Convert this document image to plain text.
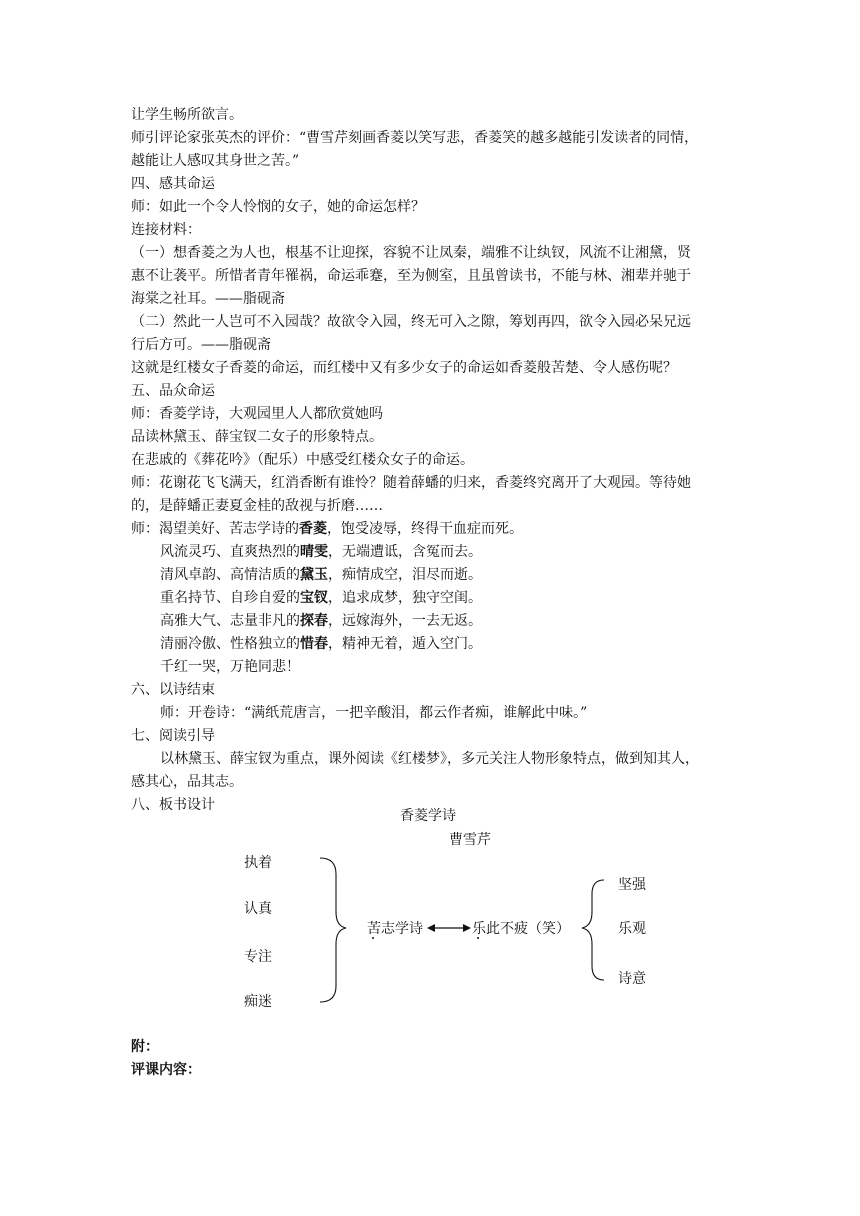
让学生畅所欲言。
师引评论家张英杰的评价：“曹雪芹刻画香菱以笑写悲，香菱笑的越多越能引发读者的同情，
越能让人感叹其身世之苦。”
四、感其命运
师：如此一个令人怜悯的女子，她的命运怎样？
连接材料：
（一）想香菱之为人也，根基不让迎探，容貌不让凤秦，端雅不让纨钗，风流不让湘黛，贤
惠不让袭平。所惜者青年罹祸，命运乖蹇，至为侧室，且虽曾读书，不能与林、湘辈并驰于
海棠之社耳。——脂砚斋
（二）然此一人岂可不入园哉？故欲令入园，终无可入之隙，筹划再四，欲令入园必呆兄远
行后方可。——脂砚斋
这就是红楼女子香菱的命运，而红楼中又有多少女子的命运如香菱般苦楚、令人感伤呢？
五、品众命运
师：香菱学诗，大观园里人人都欣赏她吗
品读林黛玉、薛宝钗二女子的形象特点。
在悲戚的《葬花吟》（配乐）中感受红楼众女子的命运。
师：花谢花飞飞满天，红消香断有谁怜？随着薛蟠的归来，香菱终究离开了大观园。等待她
的，是薛蟠正妻夏金桂的敌视与折磨……
师：渴望美好、苦志学诗的香菱，饱受凌辱，终得干血症而死。
风流灵巧、直爽热烈的晴雯，无端遭诋，含冤而去。
清风卓韵、高情洁质的黛玉，痴情成空，泪尽而逝。
重名持节、自珍自爱的宝钗，追求成梦，独守空闺。
高雅大气、志量非凡的探春，远嫁海外，一去无返。
清丽冷傲、性格独立的惜春，精神无着，遁入空门。
千红一哭，万艳同悲！
六、以诗结束
师：开卷诗：“满纸荒唐言，一把辛酸泪，都云作者痴，谁解此中味。”
七、阅读引导
以林黛玉、薛宝钗为重点，课外阅读《红楼梦》，多元关注人物形象特点，做到知其人，
感其心，品其志。
八、板书设计
香菱学诗
曹雪芹
执着
认真
专注
痴迷
苦志学诗	乐此不疲（笑）
坚强
乐观
诗意
附：
评课内容：
